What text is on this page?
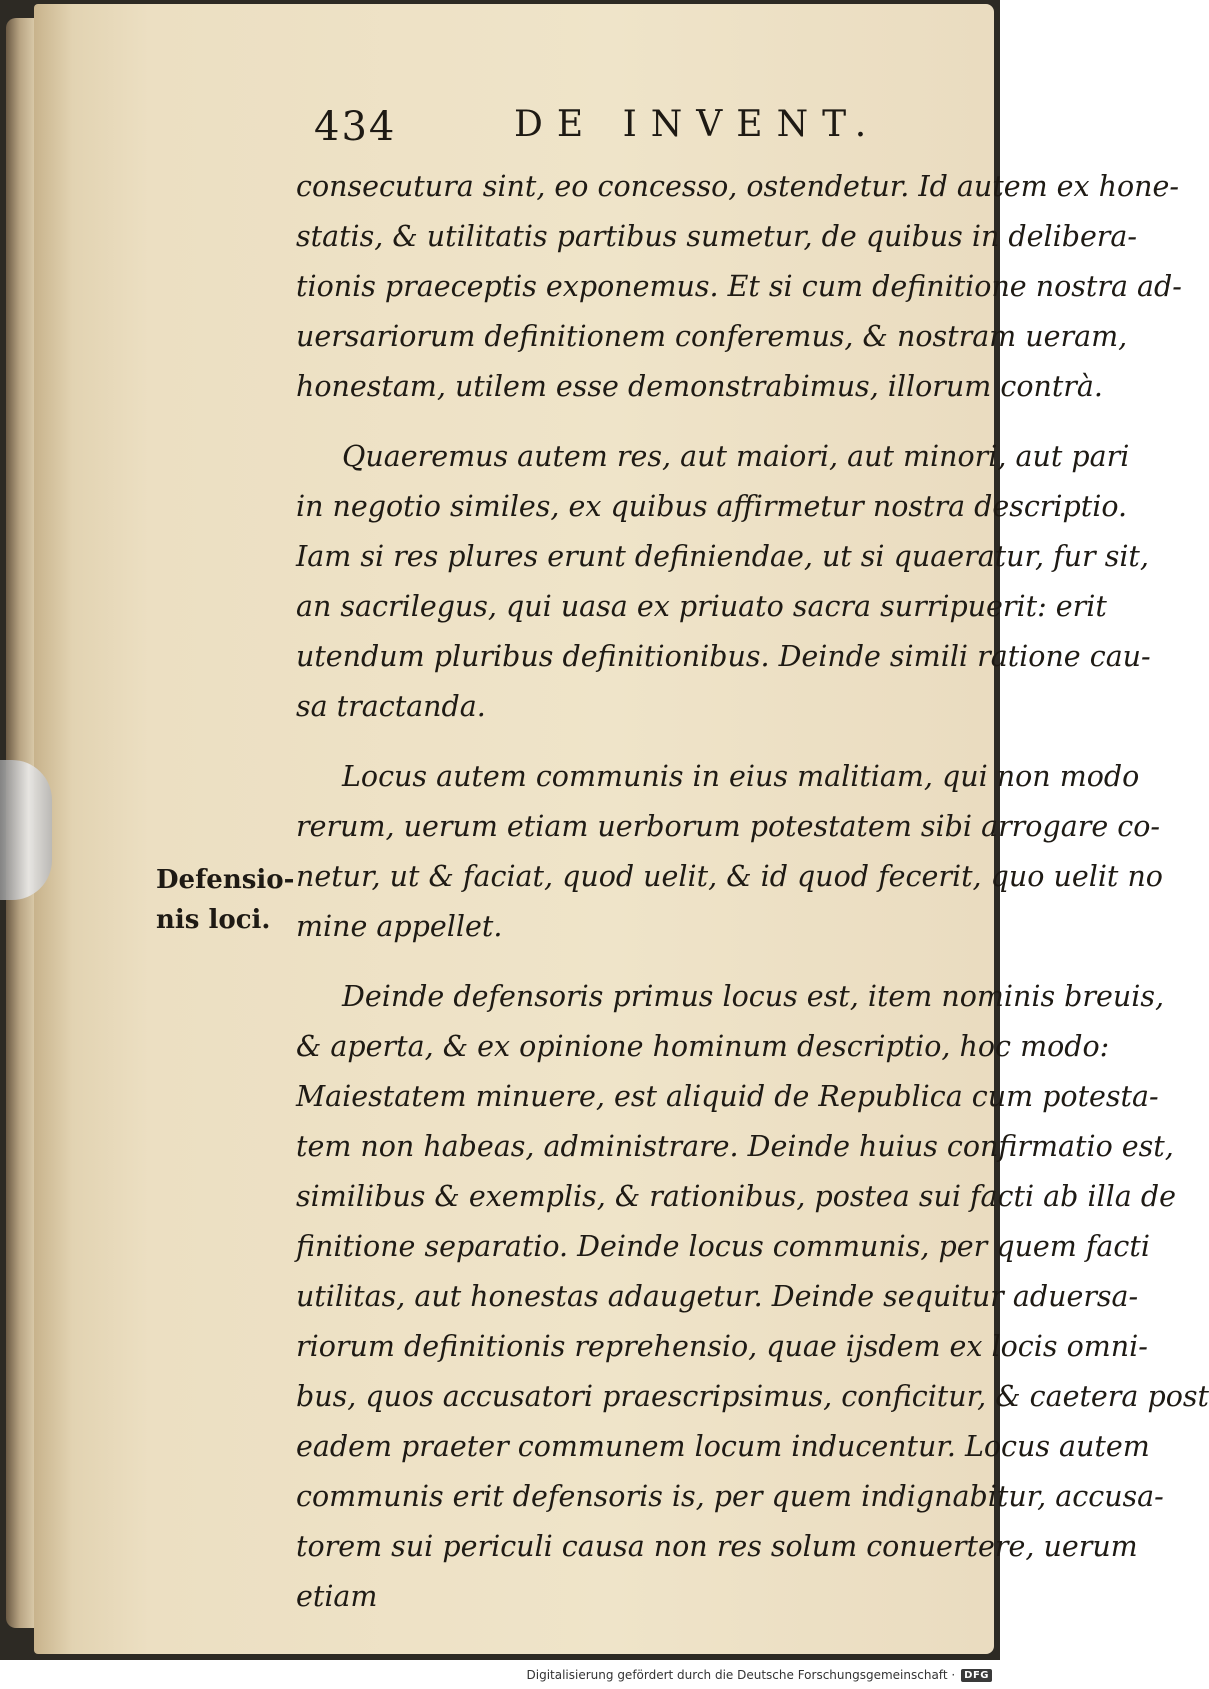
434	DE INVENT.
Defensio-
nis loci.
consecutura sint, eo concesso, ostendetur. Id autem ex hone-
statis, & utilitatis partibus sumetur, de quibus in delibera-
tionis praeceptis exponemus. Et si cum definitione nostra ad-
uersariorum definitionem conferemus, & nostram ueram,
honestam, utilem esse demonstrabimus, illorum contrà.
Quaeremus autem res, aut maiori, aut minori, aut pari
in negotio similes, ex quibus affirmetur nostra descriptio.
Iam si res plures erunt definiendae, ut si quaeratur, fur sit,
an sacrilegus, qui uasa ex priuato sacra surripuerit: erit
utendum pluribus definitionibus. Deinde simili ratione cau-
sa tractanda.
Locus autem communis in eius malitiam, qui non modo
rerum, uerum etiam uerborum potestatem sibi arrogare co-
netur, ut & faciat, quod uelit, & id quod fecerit, quo uelit no
mine appellet.
Deinde defensoris primus locus est, item nominis breuis,
& aperta, & ex opinione hominum descriptio, hoc modo:
Maiestatem minuere, est aliquid de Republica cum potesta-
tem non habeas, administrare. Deinde huius confirmatio est,
similibus & exemplis, & rationibus, postea sui facti ab illa de
finitione separatio. Deinde locus communis, per quem facti
utilitas, aut honestas adaugetur. Deinde sequitur aduersa-
riorum definitionis reprehensio, quae ijsdem ex locis omni-
bus, quos accusatori praescripsimus, conficitur, & caetera post
eadem praeter communem locum inducentur. Locus autem
communis erit defensoris is, per quem indignabitur, accusa-
torem sui periculi causa non res solum conuertere, uerum
etiam
Digitalisierung gefördert durch die Deutsche Forschungsgemeinschaft · DFG
